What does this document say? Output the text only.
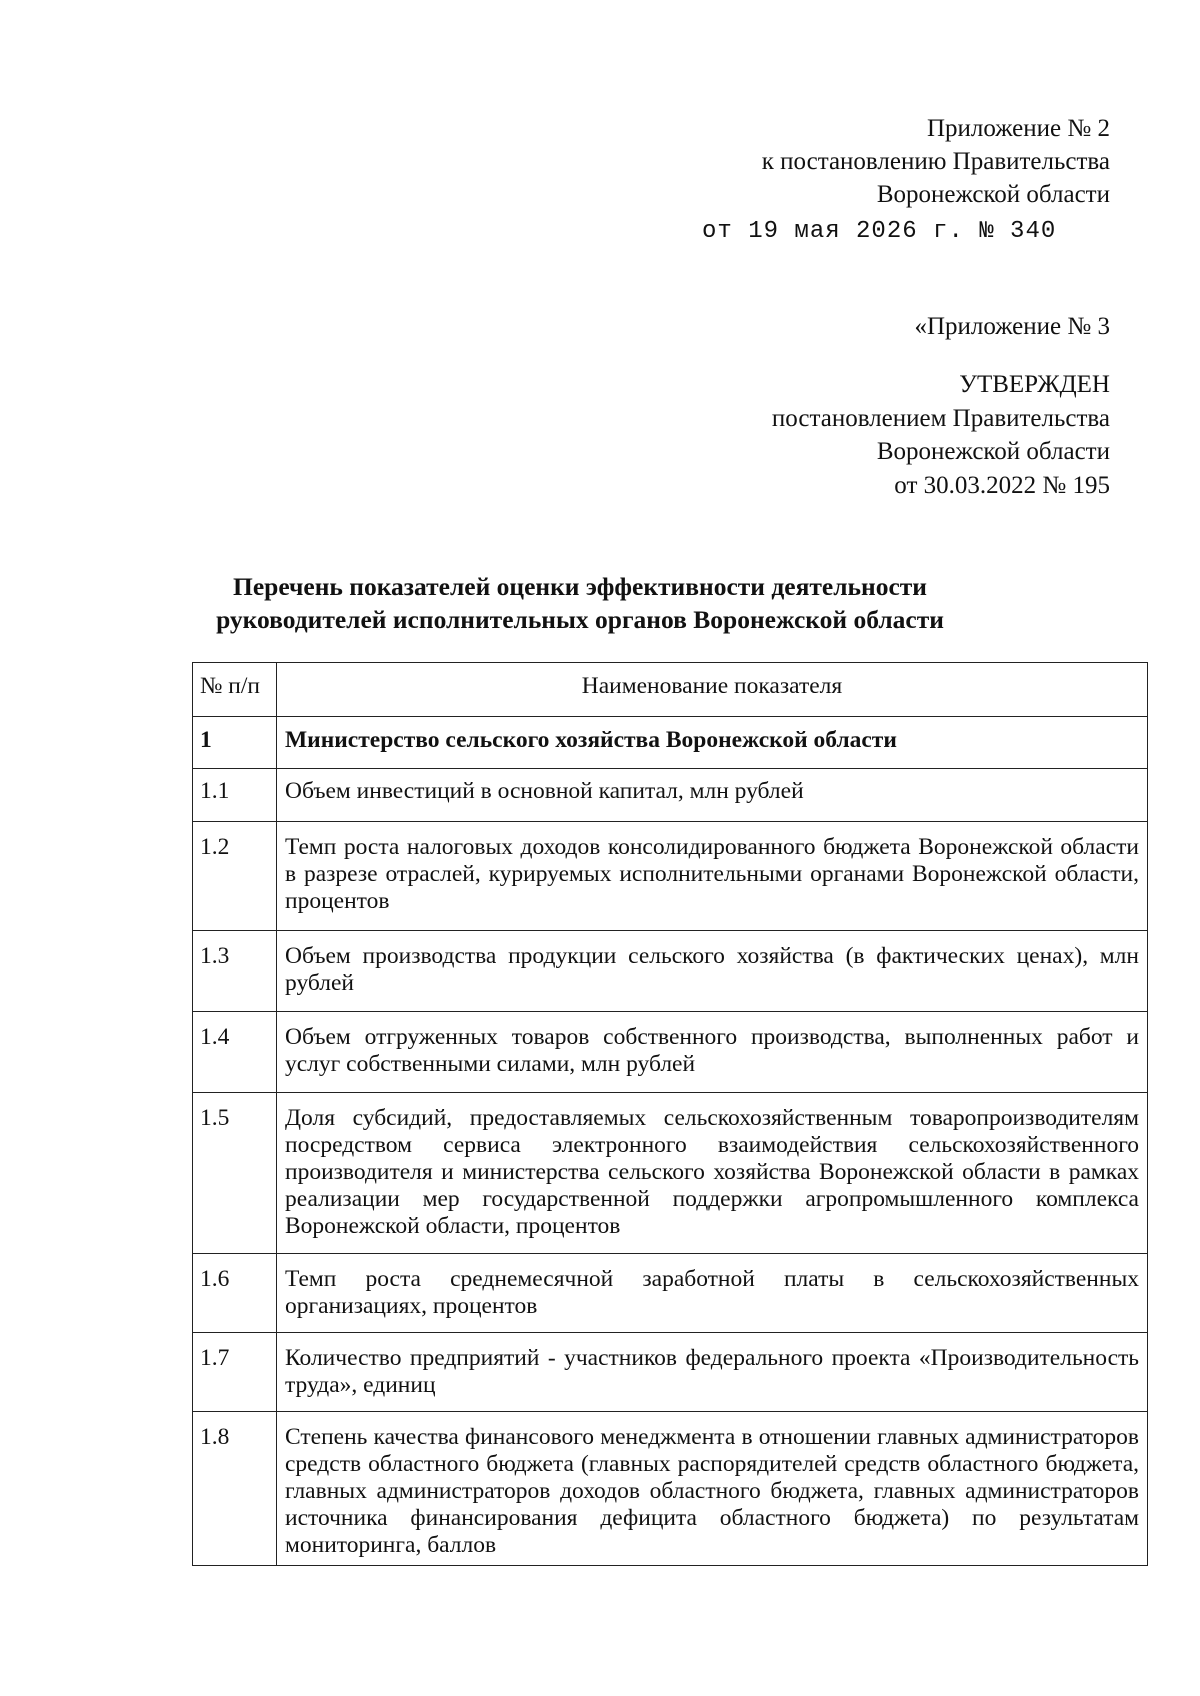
Приложение № 2
к постановлению Правительства
Воронежской области
от 19 мая 2026 г. № 340
«Приложение № 3
УТВЕРЖДЕН
постановлением Правительства
Воронежской области
от 30.03.2022 № 195
Перечень показателей оценки эффективности деятельности
руководителей исполнительных органов Воронежской области
№ п/п	Наименование показателя
1	Министерство сельского хозяйства Воронежской области
1.1	Объем инвестиций в основной капитал, млн рублей
1.2	Темп роста налоговых доходов консолидированного бюджета Воронежской области в разрезе отраслей, курируемых исполнительными органами Воронежской области, процентов
1.3	Объем производства продукции сельского хозяйства (в фактических ценах), млн рублей
1.4	Объем отгруженных товаров собственного производства, выполненных работ и услуг собственными силами, млн рублей
1.5	Доля субсидий, предоставляемых сельскохозяйственным товаропроизводителям посредством сервиса электронного взаимодействия сельскохозяйственного производителя и министерства сельского хозяйства Воронежской области в рамках реализации мер государственной поддержки агропромышленного комплекса Воронежской области, процентов
1.6	Темп роста среднемесячной заработной платы в сельскохозяйственных организациях, процентов
1.7	Количество предприятий - участников федерального проекта «Производительность труда», единиц
1.8	Степень качества финансового менеджмента в отношении главных администраторов средств областного бюджета (главных распорядителей средств областного бюджета, главных администраторов доходов областного бюджета, главных администраторов источника финансирования дефицита областного бюджета) по результатам мониторинга, баллов
